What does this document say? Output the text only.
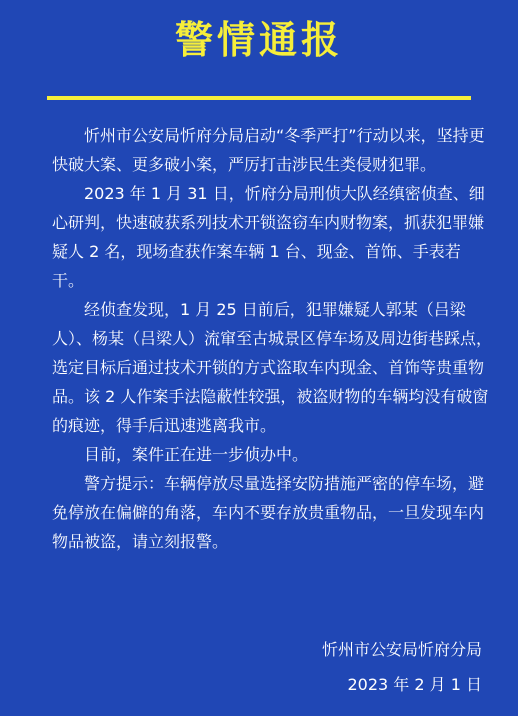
警情通报

忻州市公安局忻府分局启动“冬季严打”行动以来，坚持更快破大案、更多破小案，严厉打击涉民生类侵财犯罪。

2023 年 1 月 31 日，忻府分局刑侦大队经缜密侦查、细心研判，快速破获系列技术开锁盗窃车内财物案，抓获犯罪嫌疑人 2 名，现场查获作案车辆 1 台、现金、首饰、手表若干。

经侦查发现，1 月 25 日前后，犯罪嫌疑人郭某（吕梁人）、杨某（吕梁人）流窜至古城景区停车场及周边街巷踩点，选定目标后通过技术开锁的方式盗取车内现金、首饰等贵重物品。该 2 人作案手法隐蔽性较强，被盗财物的车辆均没有破窗的痕迹，得手后迅速逃离我市。

目前，案件正在进一步侦办中。

警方提示：车辆停放尽量选择安防措施严密的停车场，避免停放在偏僻的角落，车内不要存放贵重物品，一旦发现车内物品被盗，请立刻报警。

忻州市公安局忻府分局
2023 年 2 月 1 日
